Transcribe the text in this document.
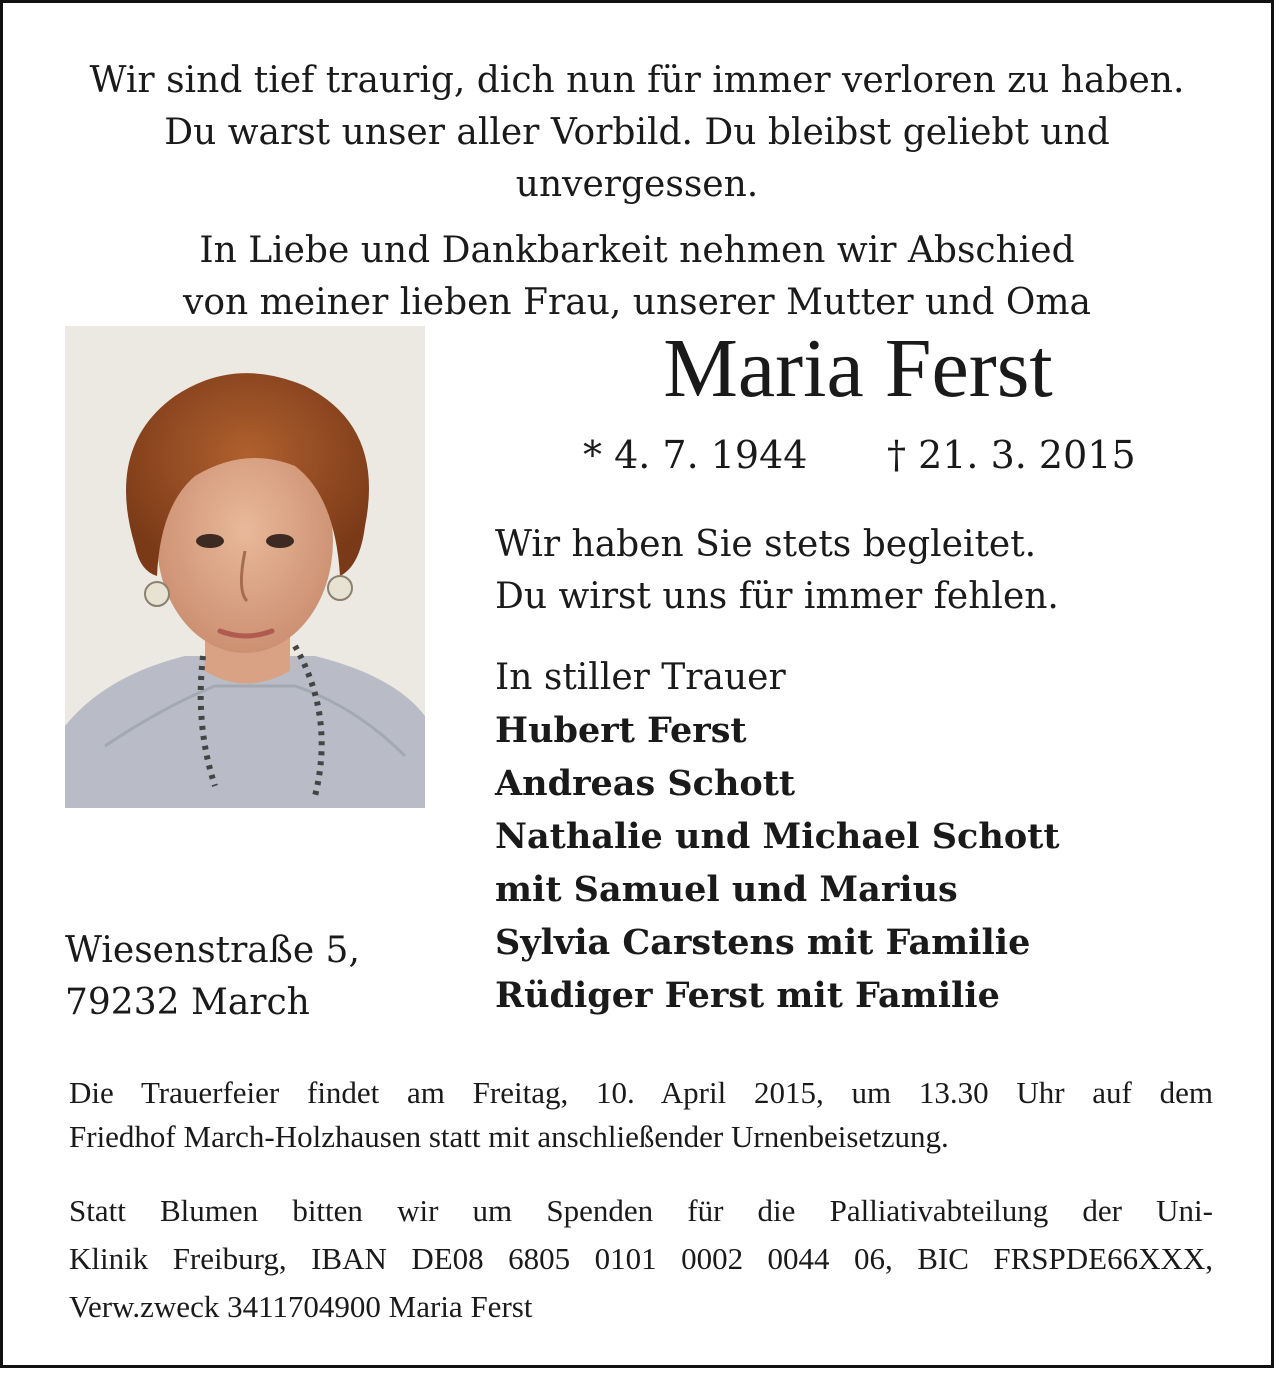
Wir sind tief traurig, dich nun für immer verloren zu haben.

Du warst unser aller Vorbild. Du bleibst geliebt und unvergessen.

In Liebe und Dankbarkeit nehmen wir Abschied

von meiner lieben Frau, unserer Mutter und Oma

Maria Ferst
* 4. 7. 1944 † 21. 3. 2015

Wir haben Sie stets begleitet.

Du wirst uns für immer fehlen.

In stiller Trauer

Hubert Ferst
Andreas Schott
Nathalie und Michael Schott
mit Samuel und Marius
Sylvia Carstens mit Familie
Rüdiger Ferst mit Familie

Wiesenstraße 5,

79232 March

Die Trauerfeier findet am Freitag, 10. April 2015, um 13.30 Uhr auf dem

Friedhof March-Holzhausen statt mit anschließender Urnenbeisetzung.

Statt Blumen bitten wir um Spenden für die Palliativabteilung der Uni-

Klinik Freiburg, IBAN DE08 6805 0101 0002 0044 06, BIC FRSPDE66XXX,

Verw.zweck 3411704900 Maria Ferst
